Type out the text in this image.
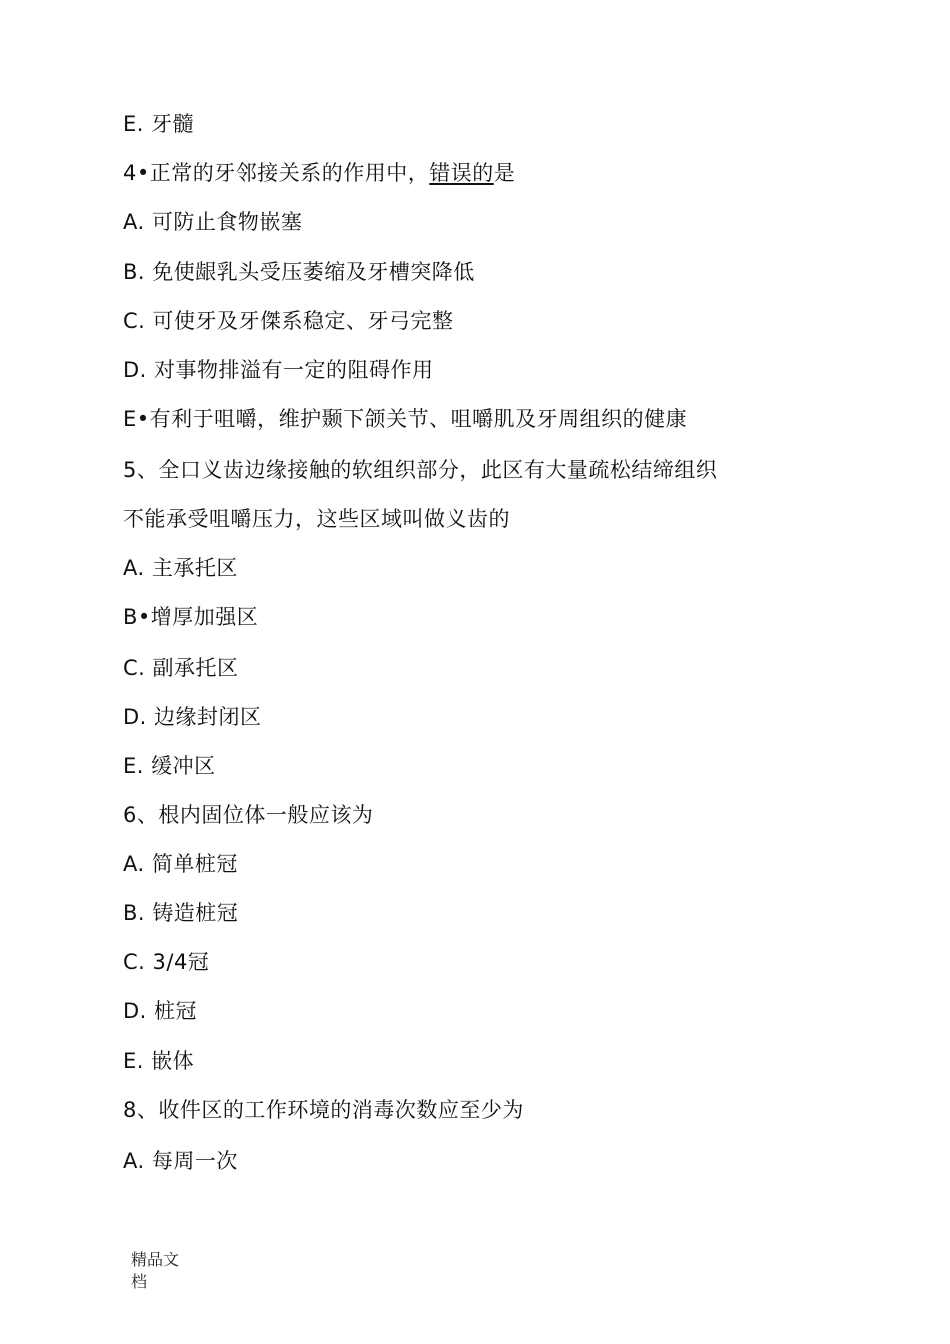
E. 牙髓
4•正常的牙邻接关系的作用中，错误的是
A. 可防止食物嵌塞
B. 免使龈乳头受压萎缩及牙槽突降低
C. 可使牙及牙傑系稳定、牙弓完整
D. 对事物排溢有一定的阻碍作用
E•有利于咀嚼，维护颞下颌关节、咀嚼肌及牙周组织的健康
5、全口义齿边缘接触的软组织部分，此区有大量疏松结缔组织
不能承受咀嚼压力，这些区域叫做义齿的
A. 主承托区
B•增厚加强区
C. 副承托区
D. 边缘封闭区
E. 缓冲区
6、根内固位体一般应该为
A. 简单桩冠
B. 铸造桩冠
C. 3/4冠
D. 桩冠
E. 嵌体
8、收件区的工作环境的消毒次数应至少为
A. 每周一次
精品文
档
